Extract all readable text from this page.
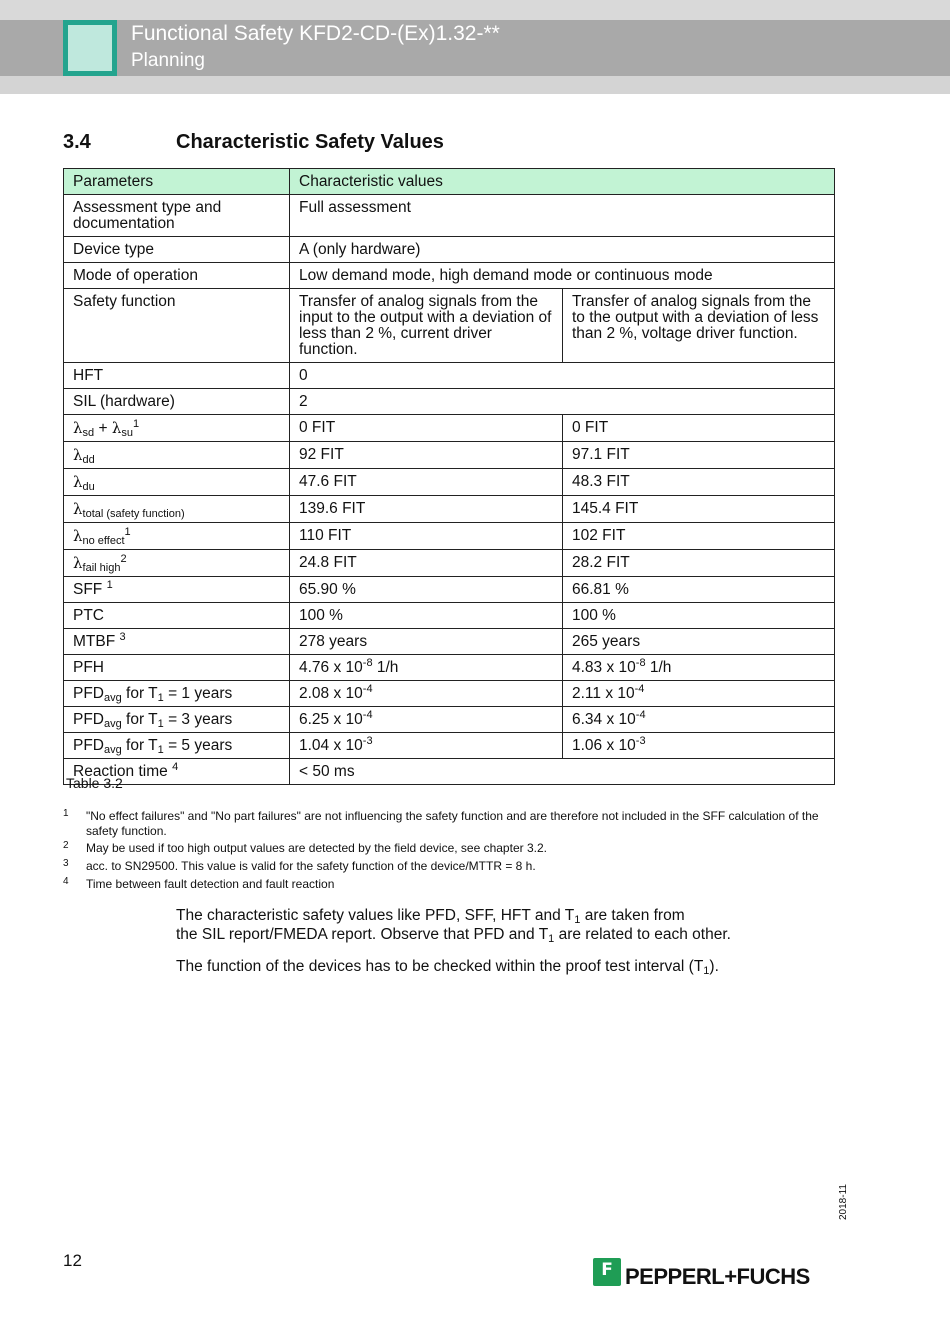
Functional Safety KFD2-CD-(Ex)1.32-**
Planning
3.4	Characteristic Safety Values
Parameters	Characteristic values	
Assessment type and documentation	Full assessment	
Device type	A (only hardware)	
Mode of operation	Low demand mode, high demand mode or continuous mode	
Safety function	Transfer of analog signals from the input to the output with a deviation of less than 2 %, current driver function.	Transfer of analog signals from the to the output with a deviation of less than 2 %, voltage driver function.
HFT	0	
SIL (hardware)	2	
$\lambda_{sd} + \lambda_{su}^1$	0 FIT	0 FIT
$\lambda_{dd}$	92 FIT	97.1 FIT
$\lambda_{du}$	47.6 FIT	48.3 FIT
$\lambda_{total (safety function)}$	139.6 FIT	145.4 FIT
$\lambda_{no effect}^1$	110 FIT	102 FIT
$\lambda_{fail high}^2$	24.8 FIT	28.2 FIT
SFF $^1$	65.90 %	66.81 %
PTC	100 %	100 %
MTBF $^3$	278 years	265 years
PFH	4.76 x $10^{-8}$ 1/h	4.83 x $10^{-8}$ 1/h
$PFD_{avg}$ for $T_1 = 1$ years	2.08 x $10^{-4}$	2.11 x $10^{-4}$
$PFD_{avg}$ for $T_1 = 3$ years	6.25 x $10^{-4}$	6.34 x $10^{-4}$
$PFD_{avg}$ for $T_1 = 5$ years	1.04 x $10^{-3}$	1.06 x $10^{-3}$
Reaction time $^4$	< 50 ms	
Table 3.2
1 "No effect failures" and "No part failures" are not influencing the safety function and are therefore not included in the SFF calculation of the safety function.
2 May be used if too high output values are detected by the field device, see chapter 3.2.
3 acc. to SN29500. This value is valid for the safety function of the device/MTTR = 8 h.
4 Time between fault detection and fault reaction
The characteristic safety values like PFD, SFF, HFT and $T_1$ are taken from
the SIL report/FMEDA report. Observe that PFD and $T_1$ are related to each other.
The function of the devices has to be checked within the proof test interval $(T_1)$.
2018-11
12	F PEPPERL+FUCHS
